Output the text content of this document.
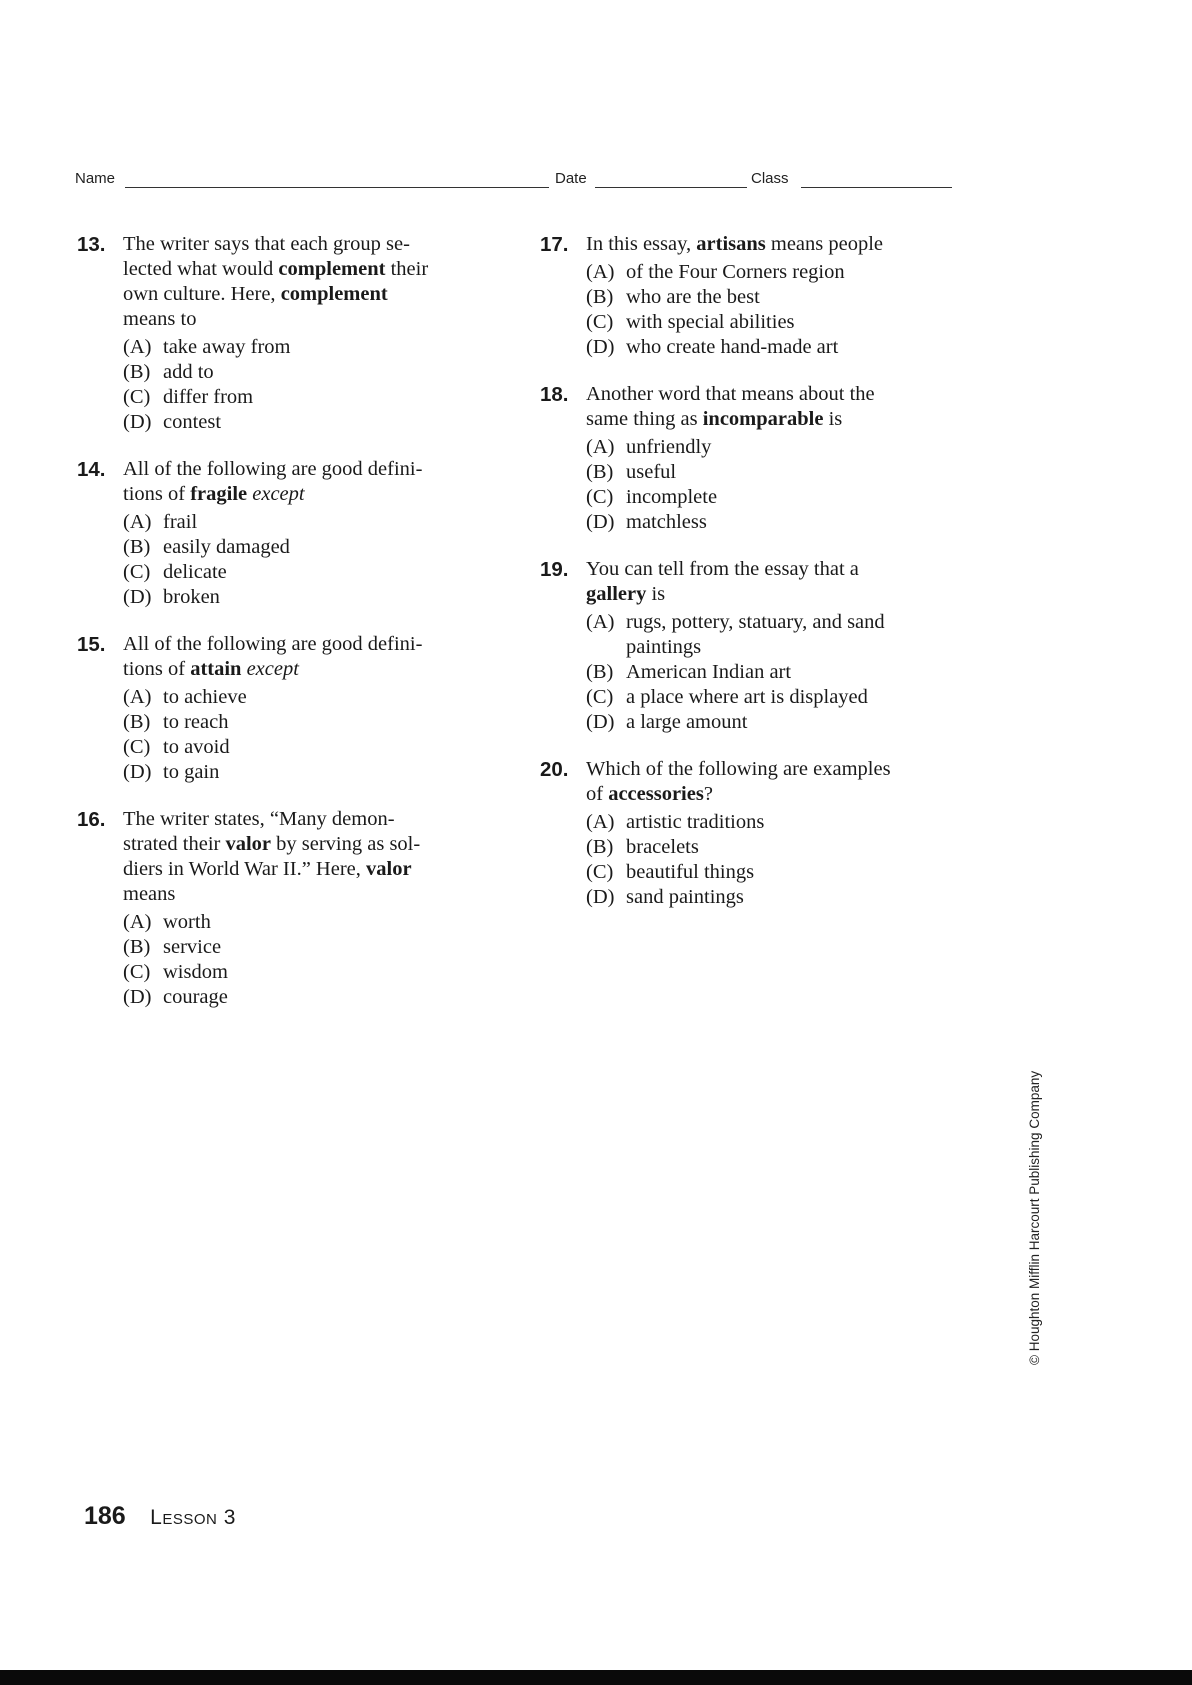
Name	Date	Class
13. The writer says that each group se-
lected what would complement their
own culture. Here, complement
means to
(A) take away from
(B) add to
(C) differ from
(D) contest
14. All of the following are good defini-
tions of fragile except
(A) frail
(B) easily damaged
(C) delicate
(D) broken
15. All of the following are good defini-
tions of attain except
(A) to achieve
(B) to reach
(C) to avoid
(D) to gain
16. The writer states, “Many demon-
strated their valor by serving as sol-
diers in World War II.” Here, valor
means
(A) worth
(B) service
(C) wisdom
(D) courage
17. In this essay, artisans means people
(A) of the Four Corners region
(B) who are the best
(C) with special abilities
(D) who create hand-made art
18. Another word that means about the
same thing as incomparable is
(A) unfriendly
(B) useful
(C) incomplete
(D) matchless
19. You can tell from the essay that a
gallery is
(A) rugs, pottery, statuary, and sand paintings
(B) American Indian art
(C) a place where art is displayed
(D) a large amount
20. Which of the following are examples
of accessories?
(A) artistic traditions
(B) bracelets
(C) beautiful things
(D) sand paintings
186 Lesson 3
© Houghton Mifflin Harcourt Publishing Company
